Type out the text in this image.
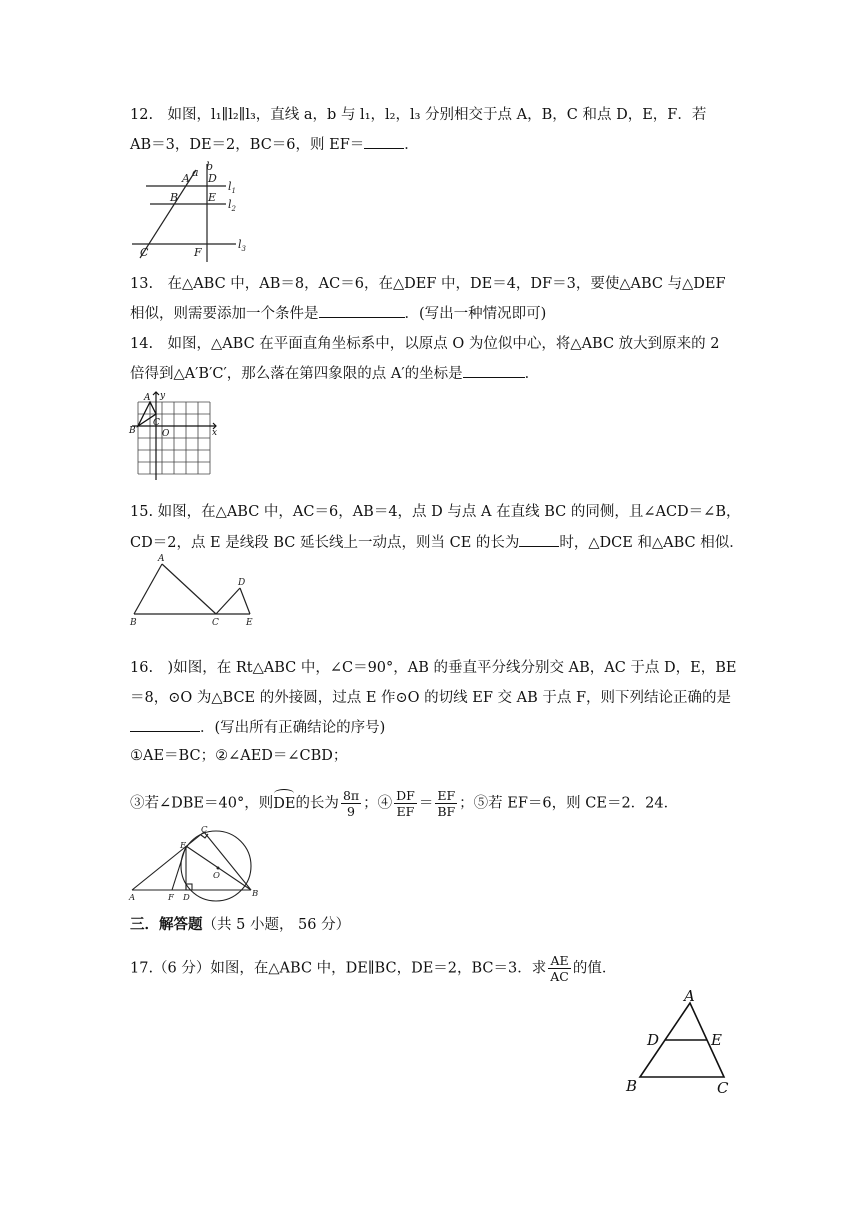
12.　如图，l₁∥l₂∥l₃，直线 a，b 与 l₁，l₂，l₃ 分别相交于点 A，B，C 和点 D，E，F．若
AB＝3，DE＝2，BC＝6，则 EF＝	．
A a b
D
B	E
C	F
$l_1$
$l_2$
$l_3$
13.　在△ABC 中，AB＝8，AC＝6，在△DEF 中，DE＝4，DF＝3，要使△ABC 与△DEF
相似，则需要添加一个条件是	．(写出一种情况即可)
14.　如图，△ABC 在平面直角坐标系中，以原点 O 为位似中心，将△ABC 放大到原来的 2
倍得到△A′B′C′，那么落在第四象限的点 A′的坐标是	．
A y
B
C
O	x
15. 如图，在△ABC 中，AC＝6，AB＝4，点 D 与点 A 在直线 BC 的同侧，且∠ACD＝∠B，
CD＝2，点 E 是线段 BC 延长线上一动点，则当 CE 的长为	时，△DCE 和△ABC 相似．
A
B	C
D
E
16.　)如图，在 Rt△ABC 中，∠C＝90°，AB 的垂直平分线分别交 AB，AC 于点 D，E，BE
＝8，⊙O 为△BCE 的外接圆，过点 E 作⊙O 的切线 EF 交 AB 于点 F，则下列结论正确的是
．(写出所有正确结论的序号)
①AE＝BC；②∠AED＝∠CBD；
③若∠DBE＝40°，则DE的长为 $\frac{8\pi}{9}$ ；④ $\frac{DF}{EF} = \frac{EF}{BF}$ ；⑤若 EF＝6，则 CE＝2．24．
C
E
O
A	F D	B
三．解答题（共 5 小题， 56 分）
17.（6 分）如图，在△ABC 中，DE∥BC，DE＝2，BC＝3．求 $\frac{AE}{AC}$ 的值．
A
D	E
B	C
